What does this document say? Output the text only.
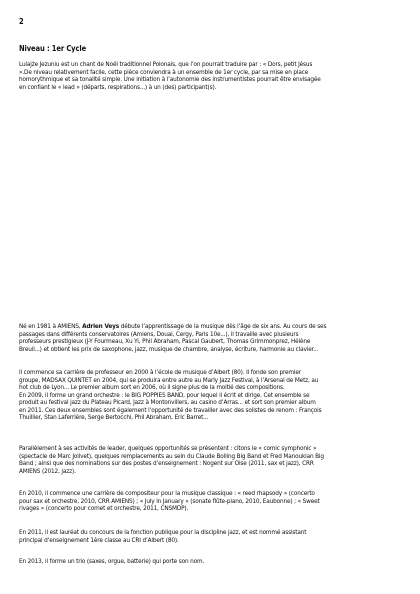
2
Niveau : 1er Cycle
Lulajże Jezuniu est un chant de Noël traditionnel Polonais, que l’on pourrait traduire par : « Dors, petit Jésus
».De niveau relativement facile, cette pièce conviendra à un ensemble de 1er cycle, par sa mise en place
homorythmique et sa tonalité simple. Une initiation à l’autonomie des instrumentistes pourrait être envisagée
en confiant le « lead » (départs, respirations...) à un (des) participant(s).
Né en 1981 à AMIENS, Adrien Veys débute l’apprentissage de la musique dès l’âge de six ans. Au cours de ses
passages dans différents conservatoires (Amiens, Douai, Cergy, Paris 10e...), il travaille avec plusieurs
professeurs prestigieux (J-Y Fourmeau, Xu Yi, Phil Abraham, Pascal Gaubert, Thomas Grimmonprez, Hélène
Breuil...) et obtient les prix de saxophone, jazz, musique de chambre, analyse, écriture, harmonie au clavier...
Il commence sa carrière de professeur en 2000 à l’école de musique d’Albert (80). Il fonde son premier
groupe, MADSAX QUINTET en 2004, qui se produira entre autre au Marly Jazz Festival, à l’Arsenal de Metz, au
hot club de Lyon... Le premier album sort en 2006, où il signe plus de la moitié des compositions.
En 2009, il forme un grand orchestre : le BIG POPPIES BAND, pour lequel il écrit et dirige. Cet ensemble se
produit au festival jazz du Plateau Picard, Jazz à Montonvillers, au casino d’Arras... et sort son premier album
en 2011. Ces deux ensembles sont également l’opportunité de travailler avec des solistes de renom : François
Thuillier, Stan Laferrière, Serge Bertocchi, Phil Abraham, Eric Barret...
Parallèlement à ses activités de leader, quelques opportunités se présentent : citons le « comic symphonic »
(spectacle de Marc Jolivet), quelques remplacements au sein du Claude Bolling Big Band et Fred Manoukian Big
Band ; ainsi que des nominations sur des postes d’enseignement : Nogent sur Oise (2011, sax et jazz), CRR
AMIENS (2012, jazz).
En 2010, il commence une carrière de compositeur pour la musique classique : « reed rhapsody » (concerto
pour sax et orchestre, 2010, CRR AMIENS) ; « July in January » (sonate flûte-piano, 2010, Eaubonne) ; « Sweet
rivages » (concerto pour cornet et orchestre, 2011, CNSMDP).
En 2011, il est lauréat du concours de la fonction publique pour la discipline jazz, et est nommé assistant
principal d’enseignement 1ère classe au CRI d’Albert (80).
En 2013, il forme un trio (saxes, orgue, batterie) qui porte son nom.
